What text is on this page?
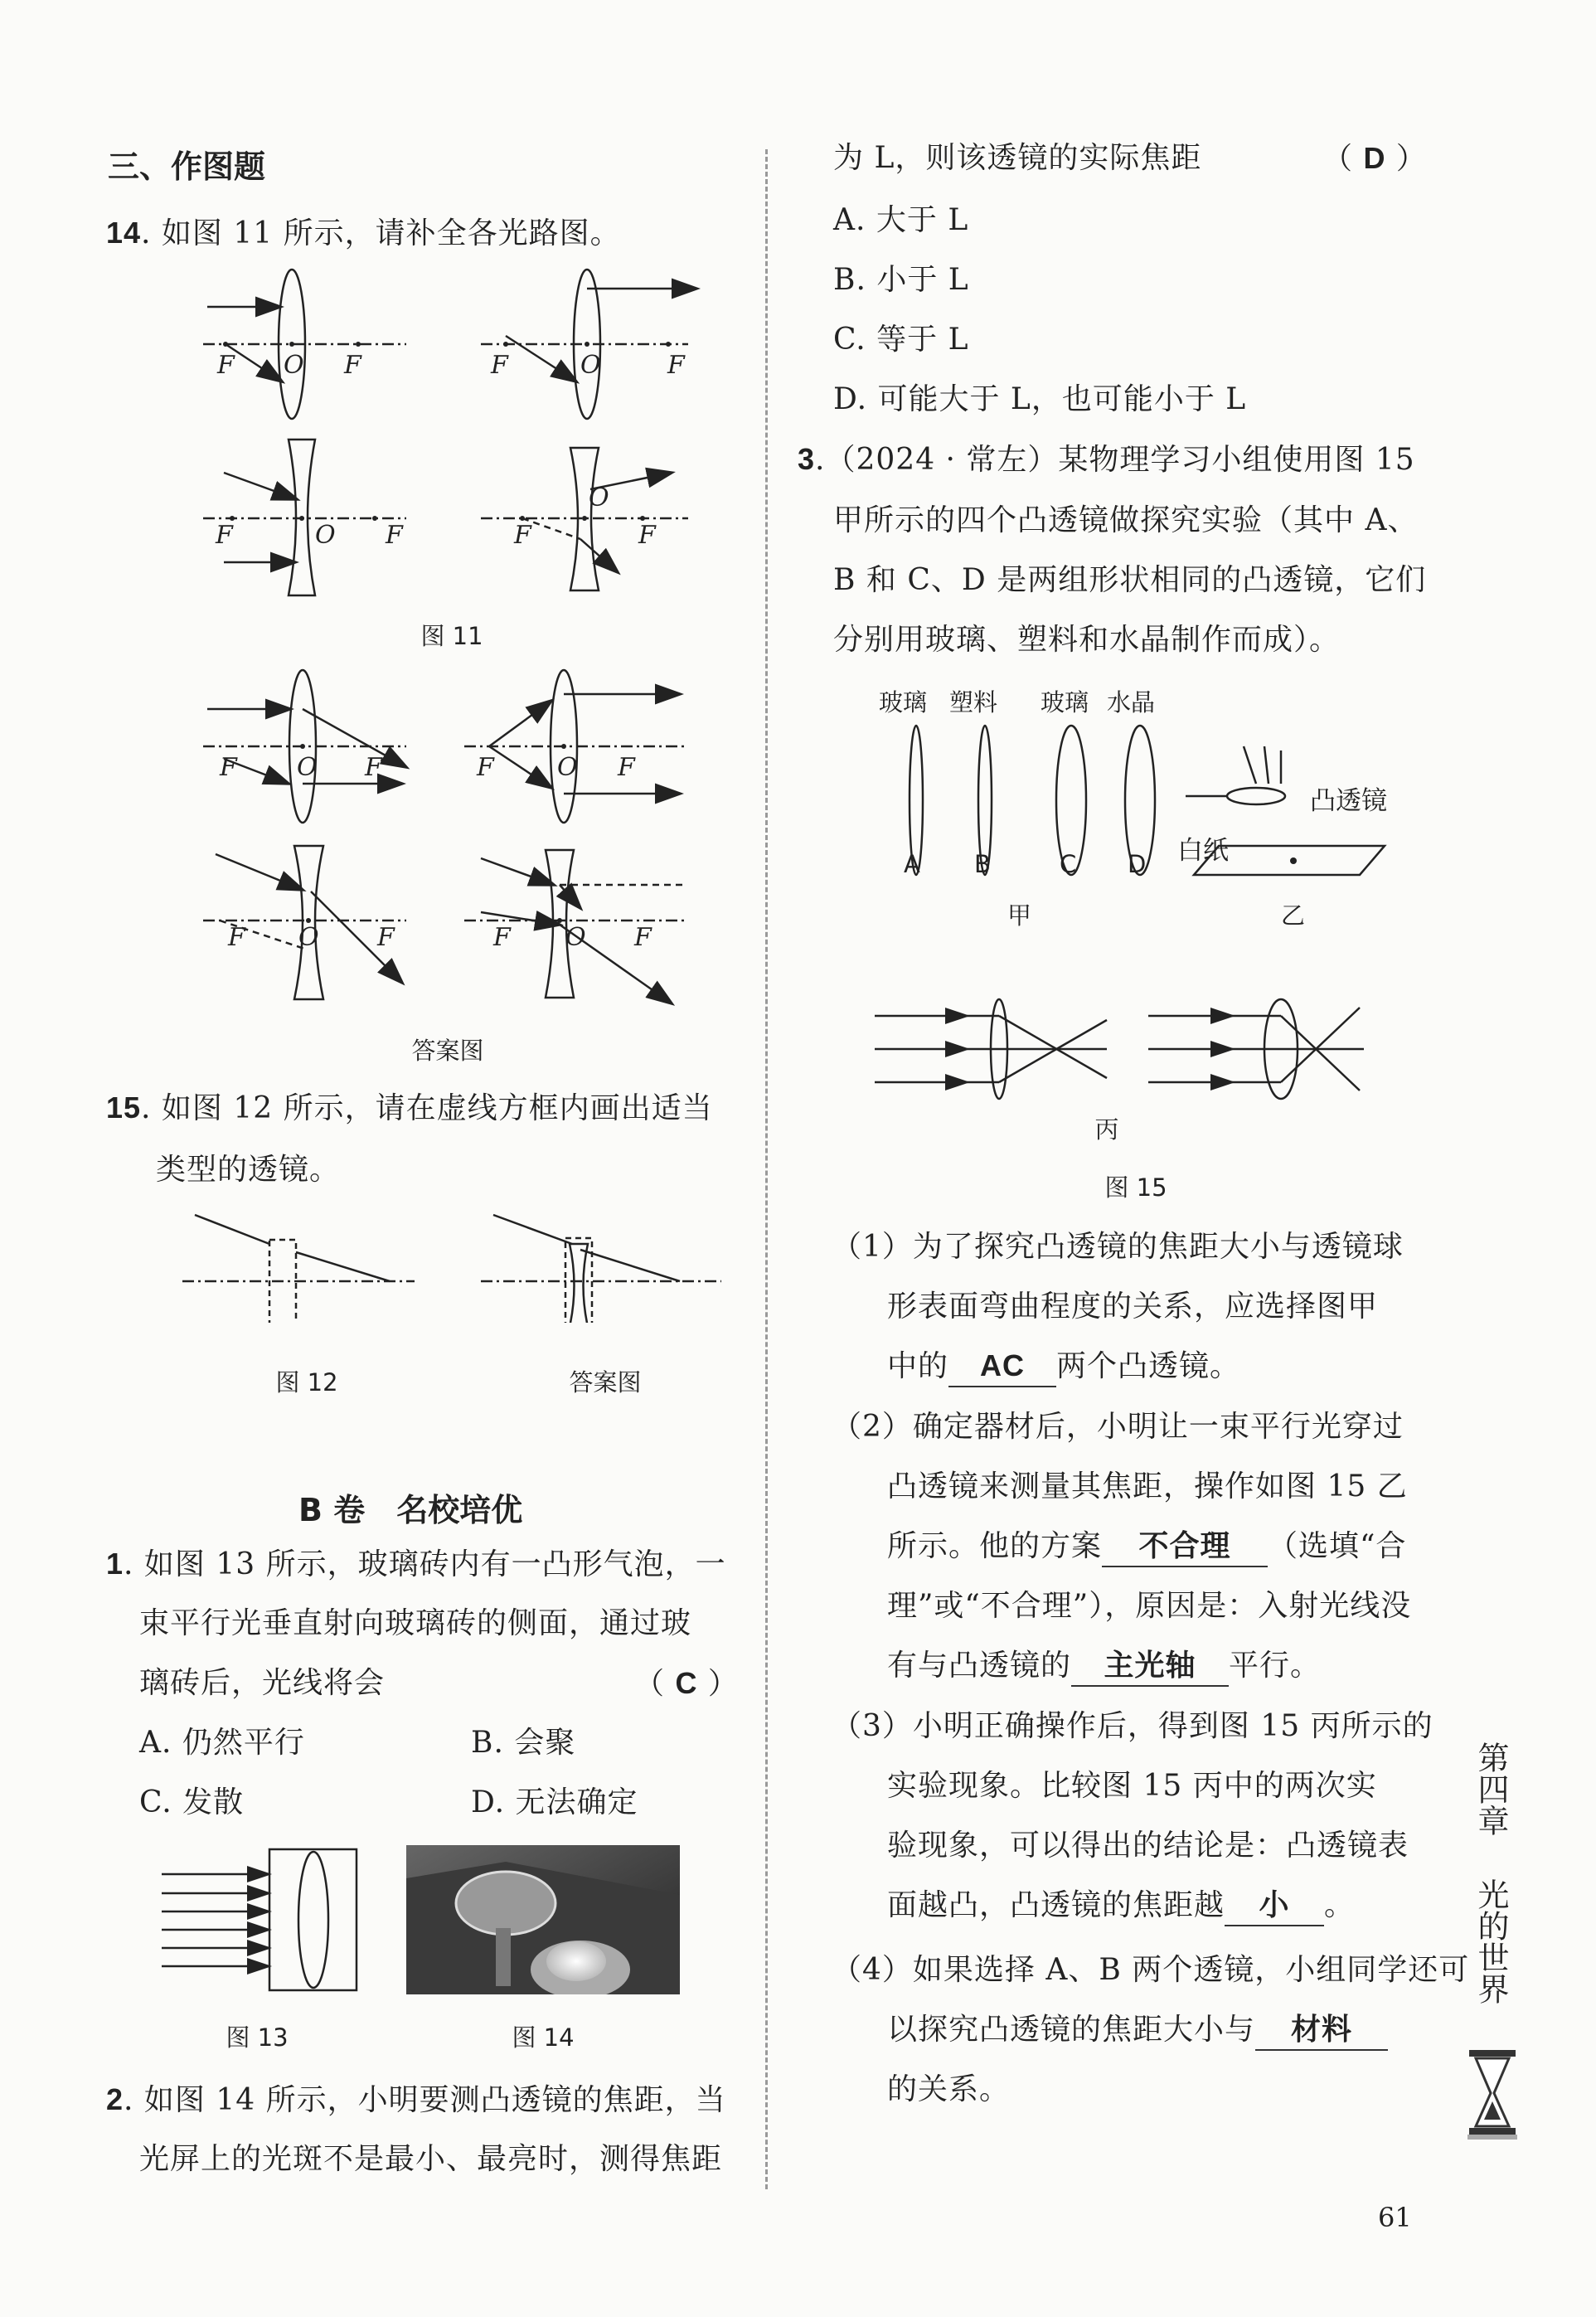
三、作图题
14. 如图 11 所示，请补全各光路图。
F O F	F	O	F
F	O F	F
O
F
图 11
F O F	F	O F
F O F	F O F
答案图
15. 如图 12 所示，请在虚线方框内画出适当
类型的透镜。
图 12	答案图
B 卷　名校培优
1. 如图 13 所示，玻璃砖内有一凸形气泡，一
束平行光垂直射向玻璃砖的侧面，通过玻
璃砖后，光线将会	（ C ）
A. 仍然平行	B. 会聚
C. 发散	D. 无法确定
图 13	图 14
2. 如图 14 所示，小明要测凸透镜的焦距，当
光屏上的光斑不是最小、最亮时，测得焦距
为 L，则该透镜的实际焦距	（ D ）
A. 大于 L
B. 小于 L
C. 等于 L
D. 可能大于 L，也可能小于 L
3.（2024 · 常左）某物理学习小组使用图 15
甲所示的四个凸透镜做探究实验（其中 A、
B 和 C、D 是两组形状相同的凸透镜，它们
分别用玻璃、塑料和水晶制作而成）。
玻璃 塑料 玻璃 水晶
A B	C D
凸透镜
白纸
甲	乙
丙
图 15
（1）为了探究凸透镜的焦距大小与透镜球
形表面弯曲程度的关系，应选择图甲
中的 AC 两个凸透镜。
（2）确定器材后，小明让一束平行光穿过
凸透镜来测量其焦距，操作如图 15 乙
所示。他的方案 不合理 （选填“合
理”或“不合理”），原因是：入射光线没
有与凸透镜的 主光轴 平行。
（3）小明正确操作后，得到图 15 丙所示的
实验现象。比较图 15 丙中的两次实
验现象，可以得出的结论是：凸透镜表
面越凸，凸透镜的焦距越 小 。
（4）如果选择 A、B 两个透镜，小组同学还可
以探究凸透镜的焦距大小与 材料
的关系。
第四章
光的世界
61
